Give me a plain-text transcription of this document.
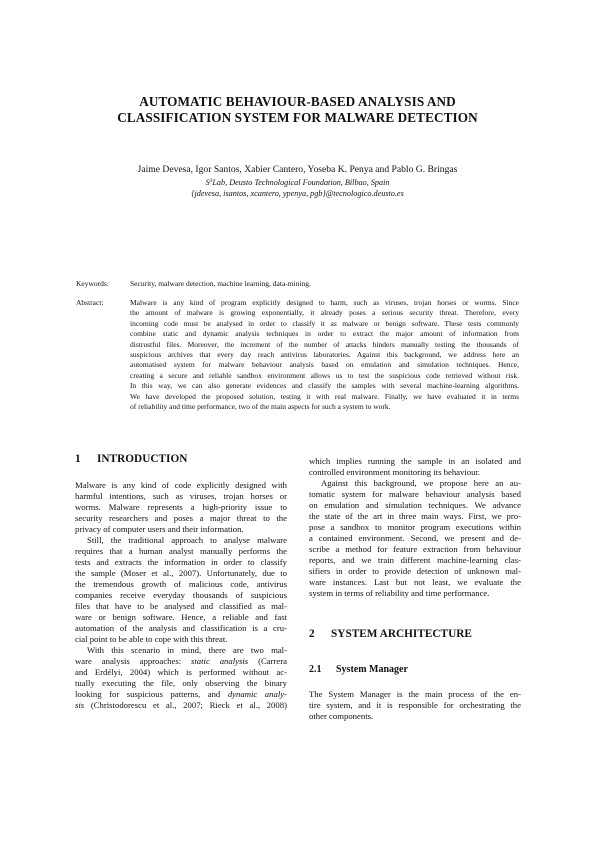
AUTOMATIC BEHAVIOUR-BASED ANALYSIS AND
CLASSIFICATION SYSTEM FOR MALWARE DETECTION
Jaime Devesa, Igor Santos, Xabier Cantero, Yoseba K. Penya and Pablo G. Bringas
$S^3Lab$, Deusto Technological Foundation, Bilbao, Spain
{jdevesa, isantos, xcantero, ypenya, pgb}@tecnologico.deusto.es
Keywords:	Security, malware detection, machine learning, data-mining.
Abstract:	Malware is any kind of program explicitly designed to harm, such as viruses, trojan horses or worms. Since
the amount of malware is growing exponentially, it already poses a serious security threat. Therefore, every
incoming code must be analysed in order to classify it as malware or benign software. These tests commonly
combine static and dynamic analysis techniques in order to extract the major amount of information from
distrustful files. Moreover, the increment of the number of attacks hinders manually testing the thousands of
suspicious archives that every day reach antivirus laboratories. Against this background, we address here an
automatised system for malware behaviour analysis based on emulation and simulation techniques. Hence,
creating a secure and reliable sandbox environment allows us to test the suspicious code retrieved without risk.
In this way, we can also generate evidences and classify the samples with several machine-learning algorithms.
We have developed the proposed solution, testing it with real malware. Finally, we have evaluated it in terms
of reliability and time performance, two of the main aspects for such a system to work.
1 INTRODUCTION
Malware is any kind of code explicitly designed with
harmful intentions, such as viruses, trojan horses or
worms. Malware represents a high-priority issue to
security researchers and poses a major threat to the
privacy of computer users and their information.
Still, the traditional approach to analyse malware
requires that a human analyst manually performs the
tests and extracts the information in order to classify
the sample (Moser et al., 2007). Unfortunately, due to
the tremendous growth of malicious code, antivirus
companies receive everyday thousands of suspicious
files that have to be analysed and classified as mal-
ware or benign software. Hence, a reliable and fast
automation of the analysis and classification is a cru-
cial point to be able to cope with this threat.
With this scenario in mind, there are two mal-
ware analysis approaches: static analysis (Carrera
and Erdélyi, 2004) which is performed without ac-
tually executing the file, only observing the binary
looking for suspicious patterns, and dynamic analy-
sis (Christodorescu et al., 2007; Rieck et al., 2008)
which implies running the sample in an isolated and
controlled environment monitoring its behaviour.
Against this background, we propose here an au-
tomatic system for malware behaviour analysis based
on emulation and simulation techniques. We advance
the state of the art in three main ways. First, we pro-
pose a sandbox to monitor program executions within
a contained environment. Second, we present and de-
scribe a method for feature extraction from behaviour
reports, and we train different machine-learning clas-
sifiers in order to provide detection of unknown mal-
ware instances. Last but not least, we evaluate the
system in terms of reliability and time performance.
2 SYSTEM ARCHITECTURE
2.1 System Manager
The System Manager is the main process of the en-
tire system, and it is responsible for orchestrating the
other components.
